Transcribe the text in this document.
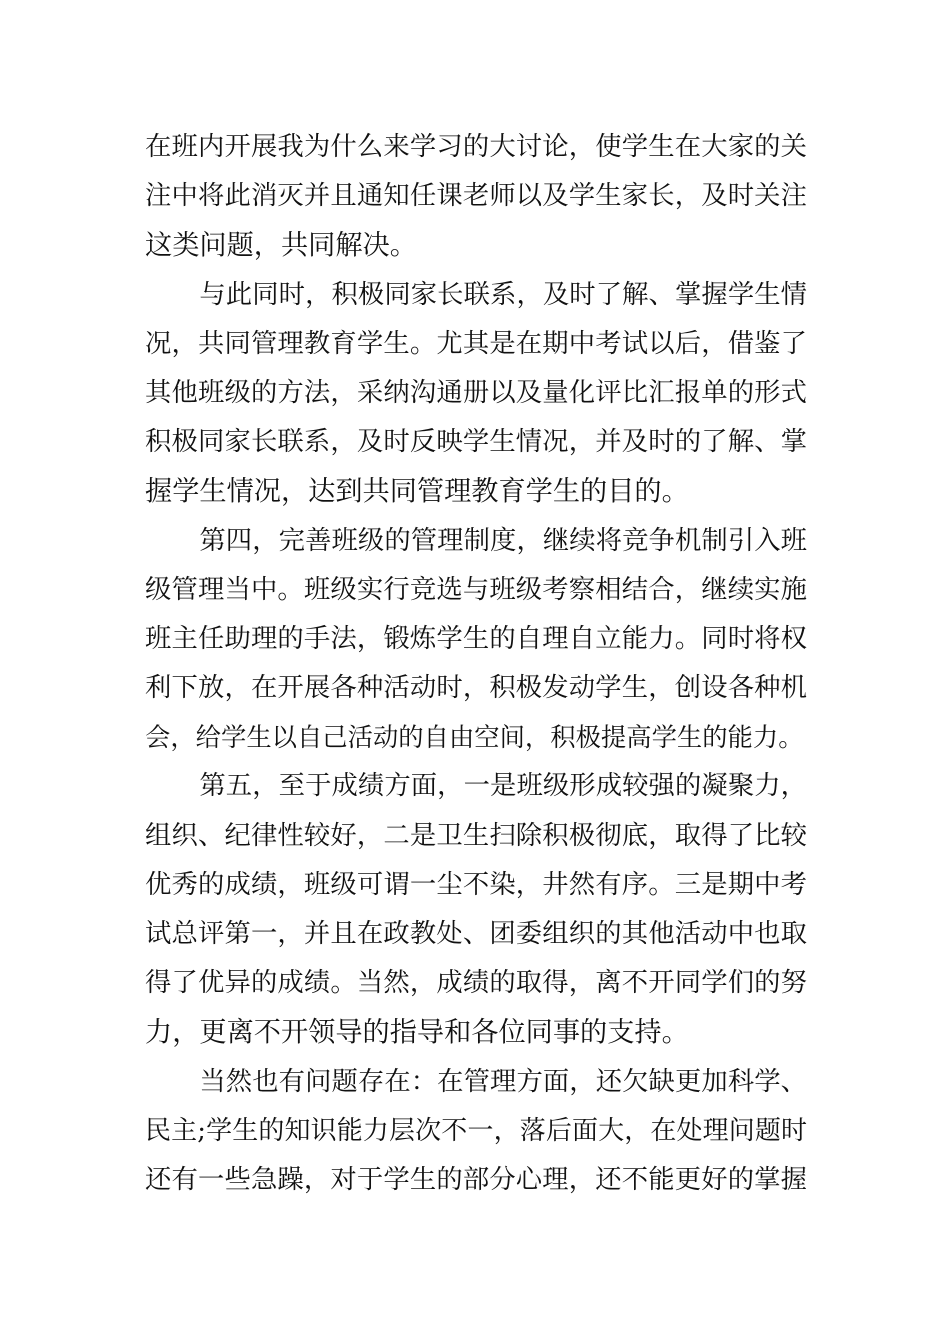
在班内开展我为什么来学习的大讨论，使学生在大家的关
注中将此消灭并且通知任课老师以及学生家长，及时关注
这类问题，共同解决。
与此同时，积极同家长联系，及时了解、掌握学生情
况，共同管理教育学生。尤其是在期中考试以后，借鉴了
其他班级的方法，采纳沟通册以及量化评比汇报单的形式
积极同家长联系，及时反映学生情况，并及时的了解、掌
握学生情况，达到共同管理教育学生的目的。
第四，完善班级的管理制度，继续将竞争机制引入班
级管理当中。班级实行竞选与班级考察相结合，继续实施
班主任助理的手法，锻炼学生的自理自立能力。同时将权
利下放，在开展各种活动时，积极发动学生，创设各种机
会，给学生以自己活动的自由空间，积极提高学生的能力。
第五，至于成绩方面，一是班级形成较强的凝聚力，
组织、纪律性较好，二是卫生扫除积极彻底，取得了比较
优秀的成绩，班级可谓一尘不染，井然有序。三是期中考
试总评第一，并且在政教处、团委组织的其他活动中也取
得了优异的成绩。当然，成绩的取得，离不开同学们的努
力，更离不开领导的指导和各位同事的支持。
当然也有问题存在：在管理方面，还欠缺更加科学、
民主;学生的知识能力层次不一，落后面大，在处理问题时
还有一些急躁，对于学生的部分心理，还不能更好的掌握
